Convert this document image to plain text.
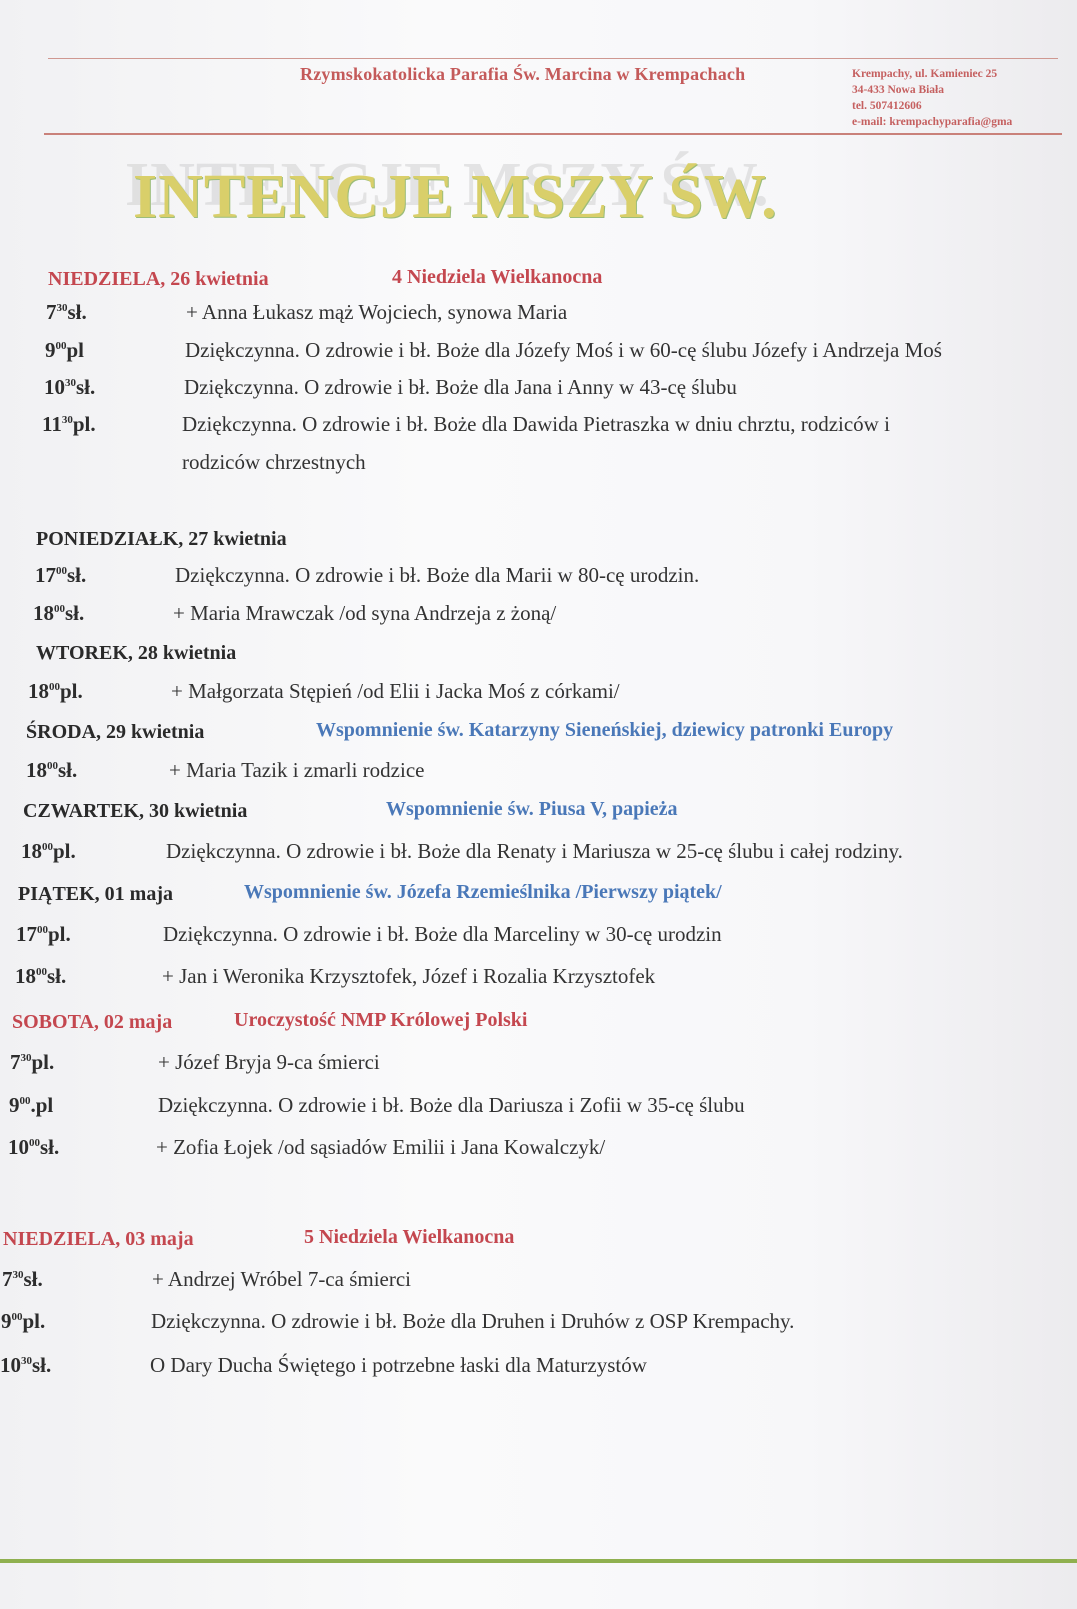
Rzymskokatolicka Parafia Św. Marcina w Krempachach	Krempachy, ul. Kamieniec 25
34-433 Nowa Biała
tel. 507412606
e-mail: krempachyparafia@gma
INTENCJE MSZY ŚW.
NIEDZIELA, 26 kwietnia	4 Niedziela Wielkanocna
$7^{30}sł$.	+ Anna Łukasz mąż Wojciech, synowa Maria
$9^{00}pl$	Dziękczynna. O zdrowie i bł. Boże dla Józefy Moś i w 60-cę ślubu Józefy i Andrzeja Moś
$10^{30}sł$.	Dziękczynna. O zdrowie i bł. Boże dla Jana i Anny w 43-cę ślubu
$11^{30}pl$.	Dziękczynna. O zdrowie i bł. Boże dla Dawida Pietraszka w dniu chrztu, rodziców i
rodziców chrzestnych
PONIEDZIAŁK, 27 kwietnia
$17^{00}sł$.	Dziękczynna. O zdrowie i bł. Boże dla Marii w 80-cę urodzin.
$18^{00}sł$.	+ Maria Mrawczak /od syna Andrzeja z żoną/
WTOREK, 28 kwietnia
$18^{00}pl$.	+ Małgorzata Stępień /od Elii i Jacka Moś z córkami/
ŚRODA, 29 kwietnia	Wspomnienie św. Katarzyny Sieneńskiej, dziewicy patronki Europy
$18^{00}sł$.	+ Maria Tazik i zmarli rodzice
CZWARTEK, 30 kwietnia	Wspomnienie św. Piusa V, papieża
$18^{00}pl$.	Dziękczynna. O zdrowie i bł. Boże dla Renaty i Mariusza w 25-cę ślubu i całej rodziny.
PIĄTEK, 01 maja	Wspomnienie św. Józefa Rzemieślnika /Pierwszy piątek/
$17^{00}pl$.	Dziękczynna. O zdrowie i bł. Boże dla Marceliny w 30-cę urodzin
$18^{00}sł$.	+ Jan i Weronika Krzysztofek, Józef i Rozalia Krzysztofek
SOBOTA, 02 maja	Uroczystość NMP Królowej Polski
$7^{30}pl$.	+ Józef Bryja 9-ca śmierci
$9^{00}.pl$	Dziękczynna. O zdrowie i bł. Boże dla Dariusza i Zofii w 35-cę ślubu
$10^{00}sł$.	+ Zofia Łojek /od sąsiadów Emilii i Jana Kowalczyk/
NIEDZIELA, 03 maja	5 Niedziela Wielkanocna
$7^{30}sł$.	+ Andrzej Wróbel 7-ca śmierci
$9^{00}pl$.	Dziękczynna. O zdrowie i bł. Boże dla Druhen i Druhów z OSP Krempachy.
$10^{30}sł$.	O Dary Ducha Świętego i potrzebne łaski dla Maturzystów
